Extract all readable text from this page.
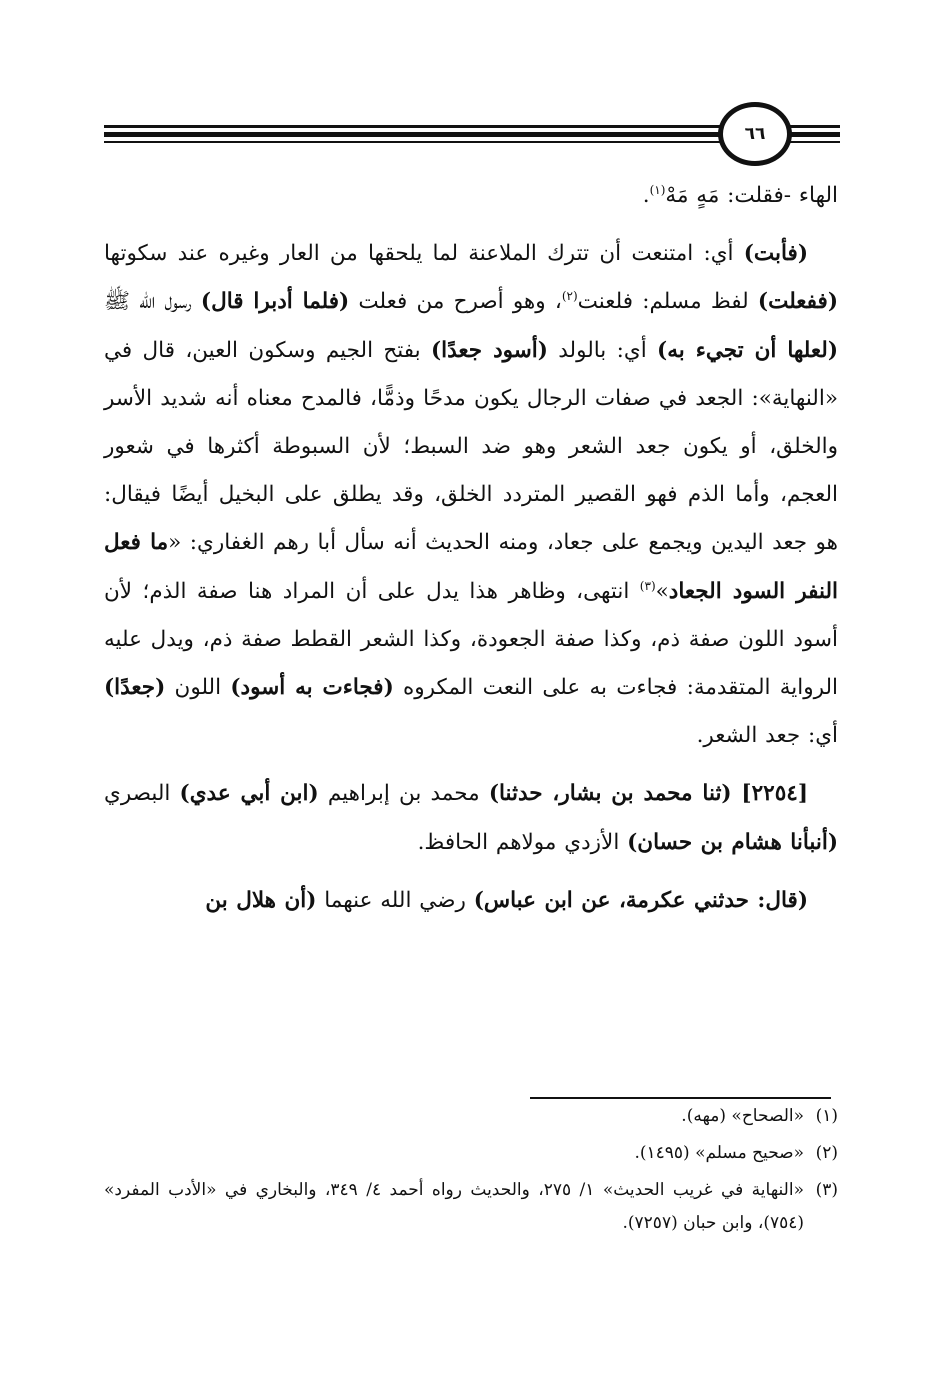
٦٦

الهاء -فقلت: مَهٍ مَهْ$^{(١)}$.

(فأبت) أي: امتنعت أن تترك الملاعنة لما يلحقها من العار وغيره عند سكوتها (ففعلت) لفظ مسلم: فلعنت$^{(٢)}$، وهو أصرح من فعلت (فلما أدبرا قال) رسول الله ﷺ (لعلها أن تجيء به) أي: بالولد (أسود جعدًا) بفتح الجيم وسكون العين، قال في «النهاية»: الجعد في صفات الرجال يكون مدحًا وذمًّا، فالمدح معناه أنه شديد الأسر والخلق، أو يكون جعد الشعر وهو ضد السبط؛ لأن السبوطة أكثرها في شعور العجم، وأما الذم فهو القصير المتردد الخلق، وقد يطلق على البخيل أيضًا فيقال: هو جعد اليدين ويجمع على جعاد، ومنه الحديث أنه سأل أبا رهم الغفاري: «ما فعل النفر السود الجعاد»$^{(٣)}$ انتهى، وظاهر هذا يدل على أن المراد هنا صفة الذم؛ لأن أسود اللون صفة ذم، وكذا صفة الجعودة، وكذا الشعر القطط صفة ذم، ويدل عليه الرواية المتقدمة: فجاءت به على النعت المكروه (فجاءت به أسود) اللون (جعدًا) أي: جعد الشعر.

[٢٢٥٤] (ثنا محمد بن بشار، حدثنا) محمد بن إبراهيم (ابن أبي عدي) البصري (أنبأنا هشام بن حسان) الأزدي مولاهم الحافظ.

(قال: حدثني عكرمة، عن ابن عباس) رضي الله عنهما (أن هلال بن

(١)
«الصحاح» (مهه).
(٢)
«صحيح مسلم» (١٤٩٥).
(٣)
«النهاية في غريب الحديث» ١/ ٢٧٥، والحديث رواه أحمد ٤/ ٣٤٩، والبخاري في «الأدب المفرد» (٧٥٤)، وابن حبان (٧٢٥٧).
